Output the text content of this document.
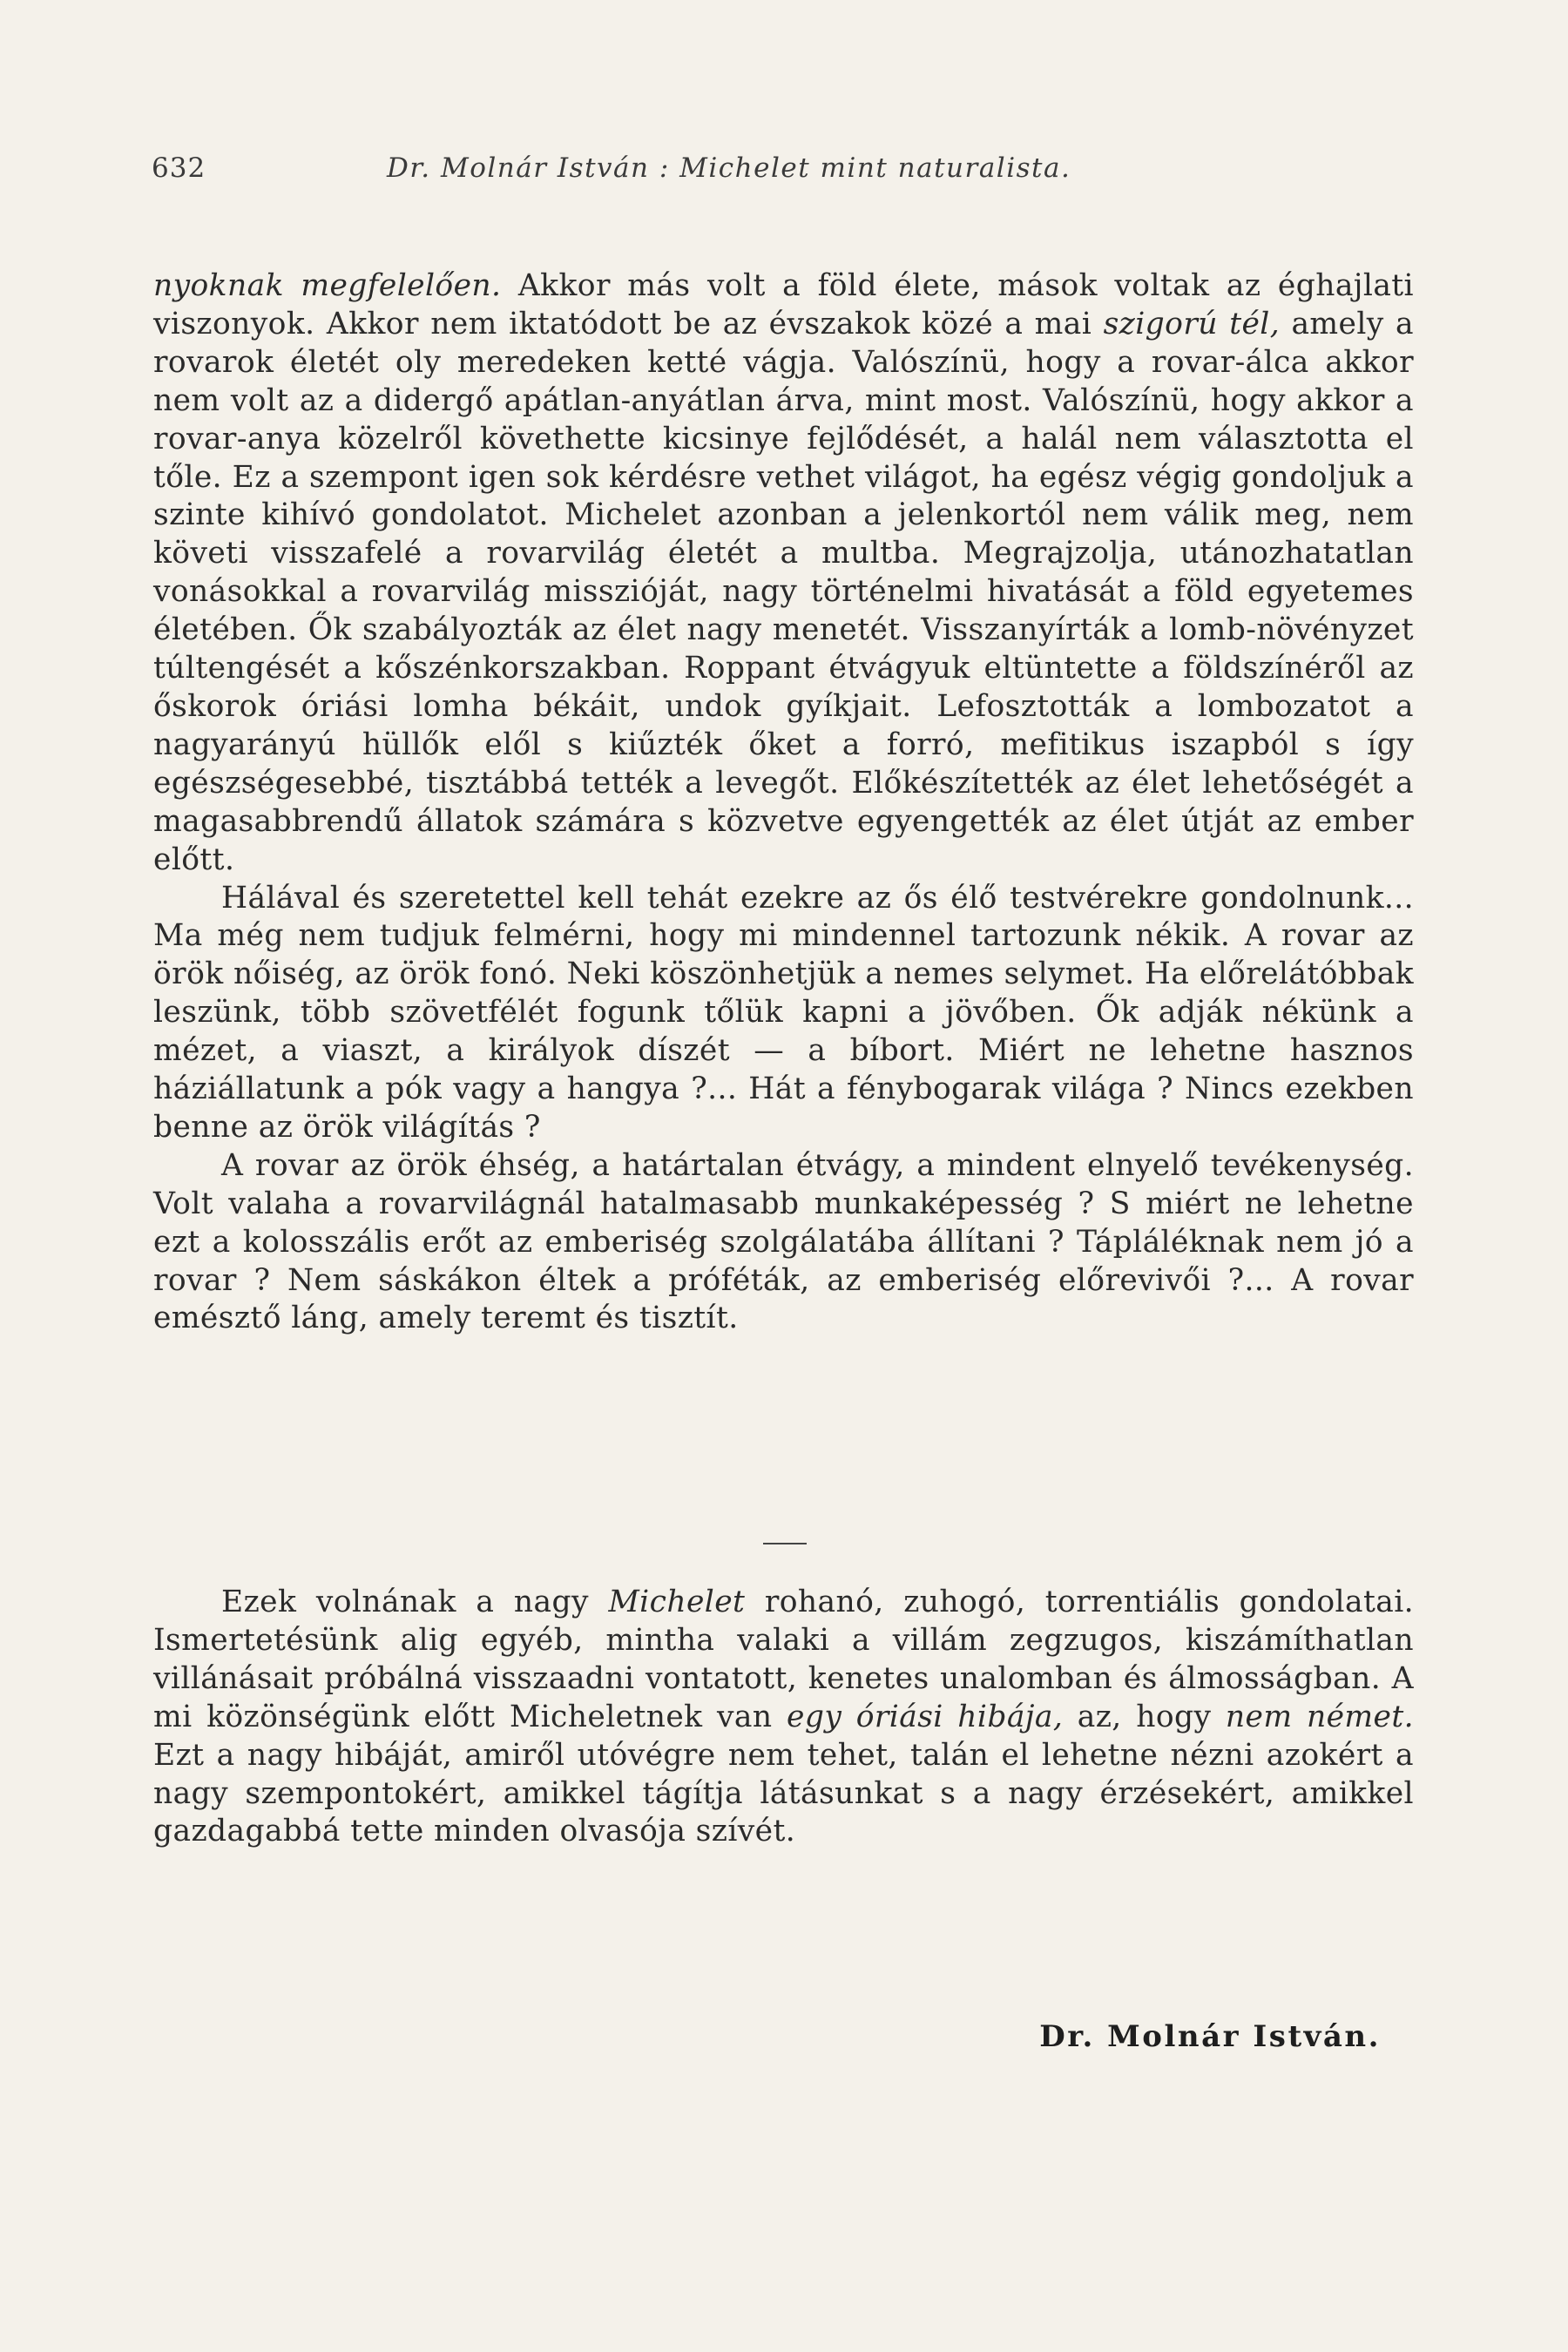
632	Dr. Molnár István : Michelet mint naturalista.

nyoknak megfelelően. Akkor más volt a föld élete, mások voltak az éghajlati viszonyok. Akkor nem iktatódott be az évszakok közé a mai szigorú tél, amely a rovarok életét oly meredeken ketté vágja. Valószínü, hogy a rovar-álca akkor nem volt az a didergő apátlan-anyátlan árva, mint most. Valószínü, hogy akkor a rovar-anya közelről követhette kicsinye fejlődését, a halál nem választotta el tőle. Ez a szempont igen sok kérdésre vethet világot, ha egész végig gondoljuk a szinte kihívó gondolatot. Michelet azonban a jelenkortól nem válik meg, nem követi visszafelé a rovarvilág életét a multba. Megrajzolja, utánozhatatlan vonásokkal a rovarvilág misszióját, nagy történelmi hivatását a föld egyetemes életében. Ők szabályozták az élet nagy menetét. Visszanyírták a lomb-növényzet túltengését a kőszénkorszakban. Roppant étvágyuk eltüntette a földszínéről az őskorok óriási lomha békáit, undok gyíkjait. Lefosztották a lombozatot a nagyarányú hüllők elől s kiűzték őket a forró, mefitikus iszapból s így egészségesebbé, tisztábbá tették a levegőt. Előkészítették az élet lehetőségét a magasabbrendű állatok számára s közvetve egyengették az élet útját az ember előtt.

Hálával és szeretettel kell tehát ezekre az ős élő testvérekre gondolnunk... Ma még nem tudjuk felmérni, hogy mi mindennel tartozunk nékik. A rovar az örök nőiség, az örök fonó. Neki köszönhetjük a nemes selymet. Ha előrelátóbbak leszünk, több szövetfélét fogunk tőlük kapni a jövőben. Ők adják nékünk a mézet, a viaszt, a királyok díszét — a bíbort. Miért ne lehetne hasznos háziállatunk a pók vagy a hangya ?... Hát a fénybogarak világa ? Nincs ezekben benne az örök világítás ?

A rovar az örök éhség, a határtalan étvágy, a mindent elnyelő tevékenység. Volt valaha a rovarvilágnál hatalmasabb munkaképesség ? S miért ne lehetne ezt a kolosszális erőt az emberiség szolgálatába állítani ? Tápláléknak nem jó a rovar ? Nem sáskákon éltek a próféták, az emberiség előrevivői ?... A rovar emésztő láng, amely teremt és tisztít.

Ezek volnának a nagy Michelet rohanó, zuhogó, torrentiális gondolatai. Ismertetésünk alig egyéb, mintha valaki a villám zegzugos, kiszámíthatlan villánásait próbálná visszaadni vontatott, kenetes unalomban és álmosságban. A mi közönségünk előtt Micheletnek van egy óriási hibája, az, hogy nem német. Ezt a nagy hibáját, amiről utóvégre nem tehet, talán el lehetne nézni azokért a nagy szempontokért, amikkel tágítja látásunkat s a nagy érzésekért, amikkel gazdagabbá tette minden olvasója szívét.

Dr. Molnár István.
